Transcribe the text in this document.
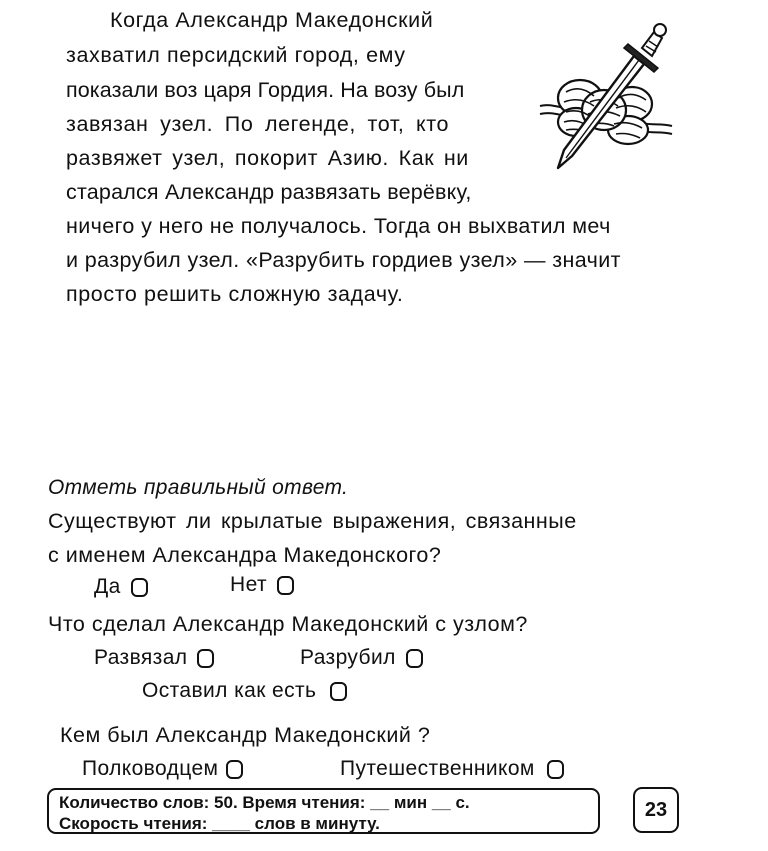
Когда Александр Македонский
захватил персидский город, ему
показали воз царя Гордия. На возу был
завязан узел. По легенде, тот, кто
развяжет узел, покорит Азию. Как ни
старался Александр развязать верёвку,
ничего у него не получалось. Тогда он выхватил меч
и разрубил узел. «Разрубить гордиев узел» — значит
просто решить сложную задачу.
Отметь правильный ответ.
Существуют ли крылатые выражения, связанные
с именем Александра Македонского?
Да	Нет
Что сделал Александр Македонский с узлом?
Развязал	Разрубил
Оставил как есть
Кем был Александр Македонский ?
Полководцем	Путешественником
Количество слов: 50. Время чтения: __ мин __ с.
Скорость чтения: ____ слов в минуту.
23
